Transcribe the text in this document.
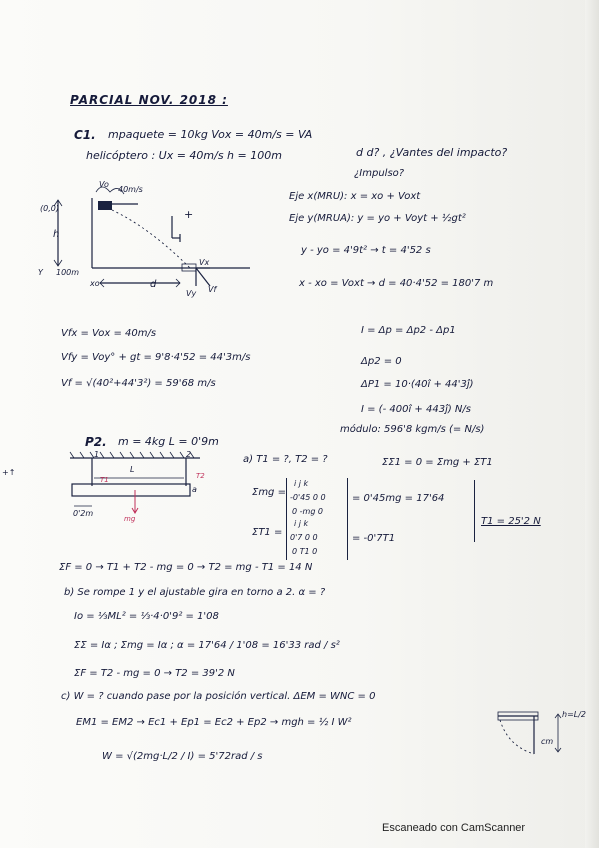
PARCIAL NOV. 2018 :
C1. mpaquete = 10kg Vox = 40m/s = VA
helicóptero : Ux = 40m/s h = 100m	d d? , ¿Vantes del impacto?
¿Impulso?
Vo
40m/s
(0,0)
h
Y 100m
xo	d
Vx
Vy Vf
+
Eje x(MRU): x = xo + Voxt
Eje y(MRUA): y = yo + Voyt + ½gt²
y - yo = 4'9t² → t = 4'52 s
x - xo = Voxt → d = 40·4'52 = 180'7 m
Vfx = Vox = 40m/s
Vfy = Voy° + gt = 9'8·4'52 = 44'3m/s
Vf = √(40²+44'3²) = 59'68 m/s
I = Δp = Δp2 - Δp1
Δp2 = 0
ΔP1 = 10·(40î + 44'3ĵ)
I = (- 400î + 443ĵ) N/s
módulo: 596'8 kgm/s (= N/s)
P2. m = 4kg L = 0'9m
1	2
T1	T2
L
a
0'2m
mg
+↑
a) T1 = ?, T2 = ?	ΣΣ1 = 0 = Σmg + ΣT1
Σmg =
i j k
-0'45 0 0
0 -mg 0
= 0'45mg = 17'64
ΣT1 =
i j k
0'7 0 0
0 T1 0
= -0'7T1
T1 = 25'2 N
ΣF = 0 → T1 + T2 - mg = 0 → T2 = mg - T1 = 14 N
b) Se rompe 1 y el ajustable gira en torno a 2. α = ?
Io = ⅓ML² = ⅓·4·0'9² = 1'08
ΣΣ = Iα ; Σmg = Iα ; α = 17'64 / 1'08 = 16'33 rad / s²
ΣF = T2 - mg = 0 → T2 = 39'2 N
c) W = ? cuando pase por la posición vertical. ΔEM = WNC = 0
EM1 = EM2 → Ec1 + Ep1 = Ec2 + Ep2 → mgh = ½ I W²
W = √(2mg·L/2 / I) = 5'72rad / s
h=L/2
cm
Escaneado con CamScanner
